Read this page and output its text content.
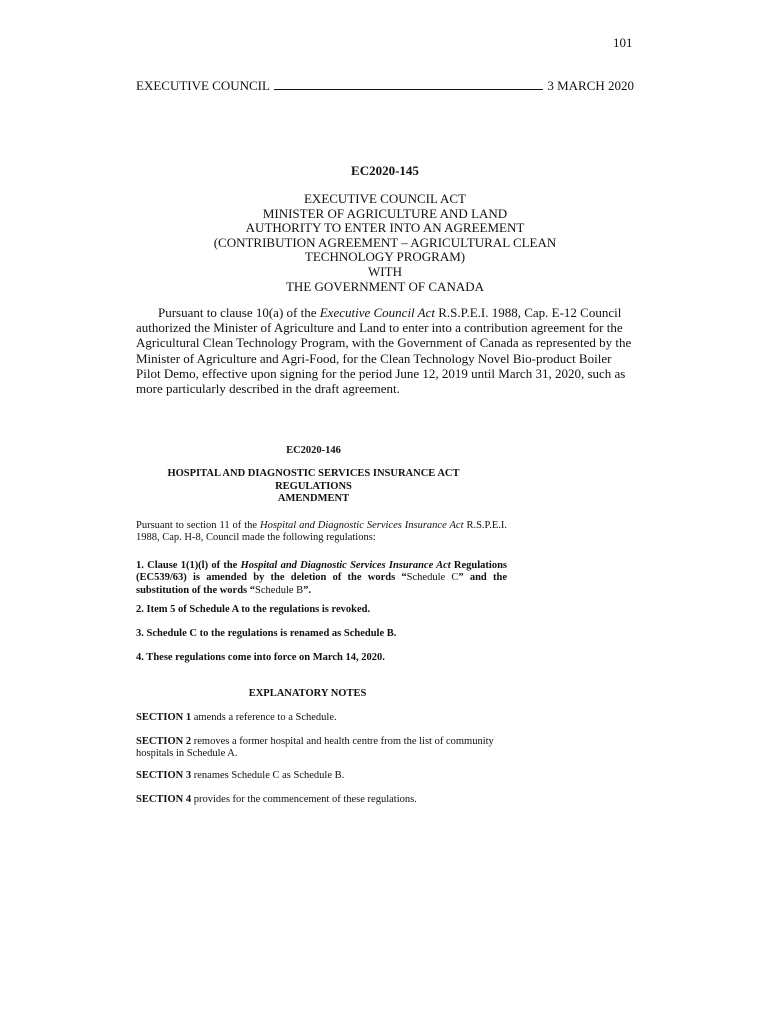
101
EXECUTIVE COUNCIL	3 MARCH 2020
EC2020-145
EXECUTIVE COUNCIL ACT
MINISTER OF AGRICULTURE AND LAND
AUTHORITY TO ENTER INTO AN AGREEMENT
(CONTRIBUTION AGREEMENT – AGRICULTURAL CLEAN
TECHNOLOGY PROGRAM)
WITH
THE GOVERNMENT OF CANADA
Pursuant to clause 10(a) of the Executive Council Act R.S.P.E.I. 1988, Cap. E-12 Council authorized the Minister of Agriculture and Land to enter into a contribution agreement for the Agricultural Clean Technology Program, with the Government of Canada as represented by the Minister of Agriculture and Agri-Food, for the Clean Technology Novel Bio-product Boiler Pilot Demo, effective upon signing for the period June 12, 2019 until March 31, 2020, such as more particularly described in the draft agreement.
EC2020-146
HOSPITAL AND DIAGNOSTIC SERVICES INSURANCE ACT
REGULATIONS
AMENDMENT
Pursuant to section 11 of the Hospital and Diagnostic Services Insurance Act R.S.P.E.I. 1988, Cap. H-8, Council made the following regulations:
1. Clause 1(1)(l) of the Hospital and Diagnostic Services Insurance Act Regulations (EC539/63) is amended by the deletion of the words “Schedule C” and the substitution of the words “Schedule B”.
2. Item 5 of Schedule A to the regulations is revoked.
3. Schedule C to the regulations is renamed as Schedule B.
4. These regulations come into force on March 14, 2020.
EXPLANATORY NOTES
SECTION 1 amends a reference to a Schedule.
SECTION 2 removes a former hospital and health centre from the list of community hospitals in Schedule A.
SECTION 3 renames Schedule C as Schedule B.
SECTION 4 provides for the commencement of these regulations.
